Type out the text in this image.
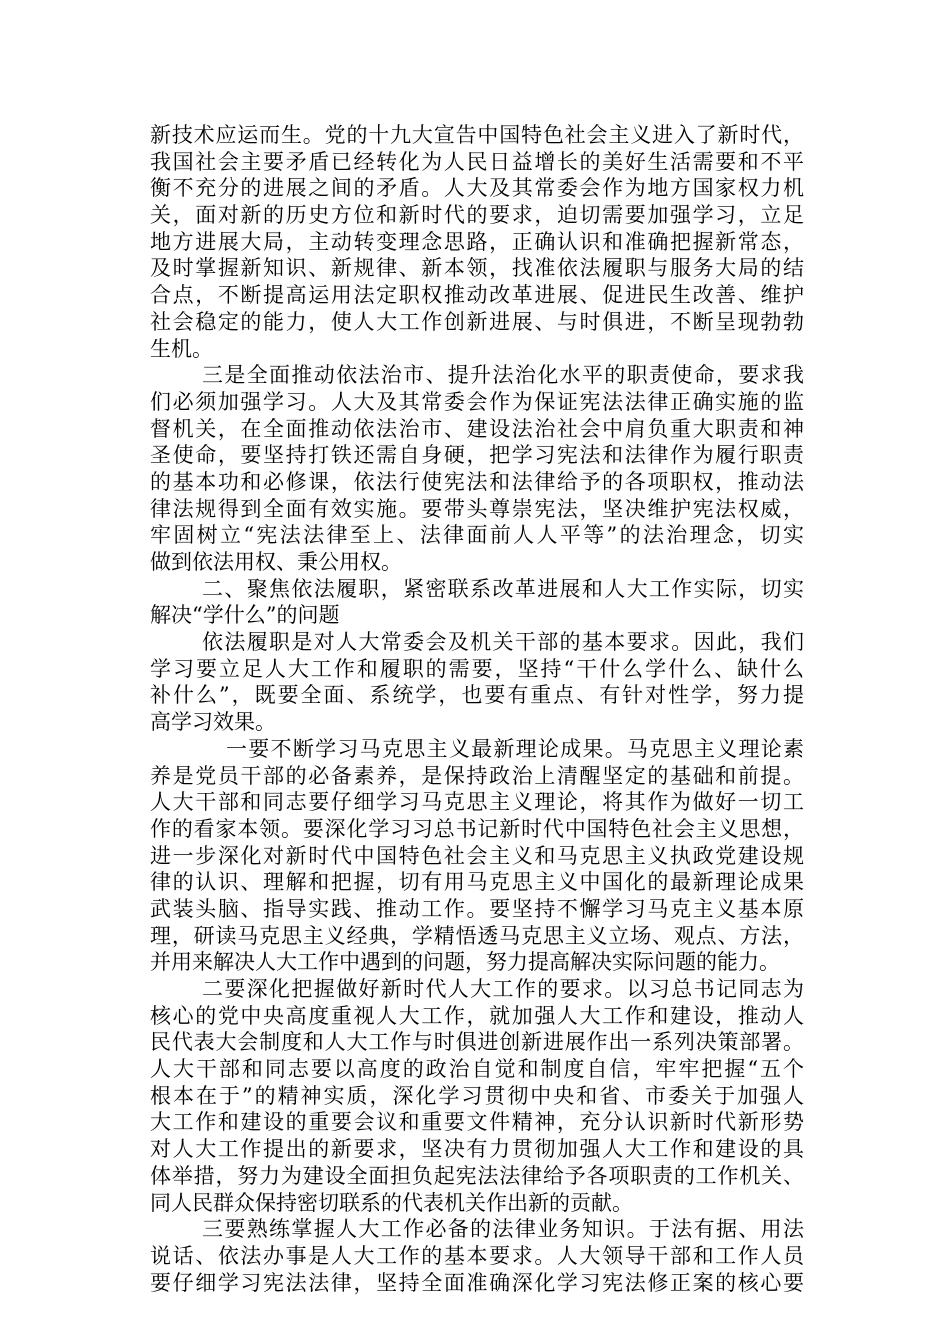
新技术应运而生。党的十九大宣告中国特色社会主义进入了新时代，
我国社会主要矛盾已经转化为人民日益增长的美好生活需要和不平
衡不充分的进展之间的矛盾。人大及其常委会作为地方国家权力机
关，面对新的历史方位和新时代的要求，迫切需要加强学习，立足
地方进展大局，主动转变理念思路，正确认识和准确把握新常态，
及时掌握新知识、新规律、新本领，找准依法履职与服务大局的结
合点，不断提高运用法定职权推动改革进展、促进民生改善、维护
社会稳定的能力，使人大工作创新进展、与时俱进，不断呈现勃勃
生机。
三是全面推动依法治市、提升法治化水平的职责使命，要求我
们必须加强学习。人大及其常委会作为保证宪法法律正确实施的监
督机关，在全面推动依法治市、建设法治社会中肩负重大职责和神
圣使命，要坚持打铁还需自身硬，把学习宪法和法律作为履行职责
的基本功和必修课，依法行使宪法和法律给予的各项职权，推动法
律法规得到全面有效实施。要带头尊崇宪法，坚决维护宪法权威，
牢固树立“宪法法律至上、法律面前人人平等”的法治理念，切实
做到依法用权、秉公用权。
二、聚焦依法履职，紧密联系改革进展和人大工作实际，切实
解决“学什么”的问题
依法履职是对人大常委会及机关干部的基本要求。因此，我们
学习要立足人大工作和履职的需要，坚持“干什么学什么、缺什么
补什么”，既要全面、系统学，也要有重点、有针对性学，努力提
高学习效果。
一要不断学习马克思主义最新理论成果。马克思主义理论素
养是党员干部的必备素养，是保持政治上清醒坚定的基础和前提。
人大干部和同志要仔细学习马克思主义理论，将其作为做好一切工
作的看家本领。要深化学习习总书记新时代中国特色社会主义思想，
进一步深化对新时代中国特色社会主义和马克思主义执政党建设规
律的认识、理解和把握，切有用马克思主义中国化的最新理论成果
武装头脑、指导实践、推动工作。要坚持不懈学习马克主义基本原
理，研读马克思主义经典，学精悟透马克思主义立场、观点、方法，
并用来解决人大工作中遇到的问题，努力提高解决实际问题的能力。
二要深化把握做好新时代人大工作的要求。以习总书记同志为
核心的党中央高度重视人大工作，就加强人大工作和建设，推动人
民代表大会制度和人大工作与时俱进创新进展作出一系列决策部署。
人大干部和同志要以高度的政治自觉和制度自信，牢牢把握“五个
根本在于”的精神实质，深化学习贯彻中央和省、市委关于加强人
大工作和建设的重要会议和重要文件精神，充分认识新时代新形势
对人大工作提出的新要求，坚决有力贯彻加强人大工作和建设的具
体举措，努力为建设全面担负起宪法法律给予各项职责的工作机关、
同人民群众保持密切联系的代表机关作出新的贡献。
三要熟练掌握人大工作必备的法律业务知识。于法有据、用法
说话、依法办事是人大工作的基本要求。人大领导干部和工作人员
要仔细学习宪法法律，坚持全面准确深化学习宪法修正案的核心要
